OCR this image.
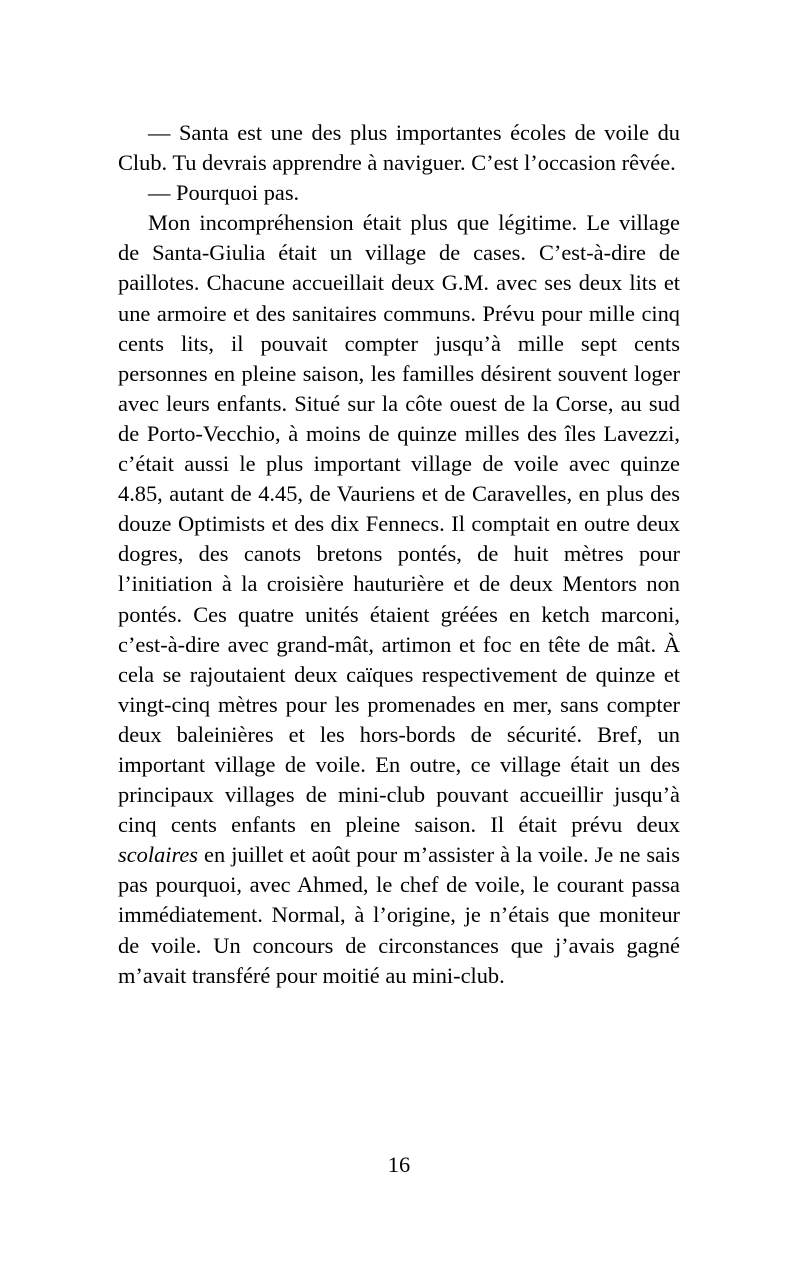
— Santa est une des plus importantes écoles de voile du Club. Tu devrais apprendre à naviguer. C’est l’occasion rêvée.

— Pourquoi pas.

Mon incompréhension était plus que légitime. Le village de Santa-Giulia était un village de cases. C’est-à-dire de paillotes. Chacune accueillait deux G.M. avec ses deux lits et une armoire et des sanitaires communs. Prévu pour mille cinq cents lits, il pouvait compter jusqu’à mille sept cents personnes en pleine saison, les familles désirent souvent loger avec leurs enfants. Situé sur la côte ouest de la Corse, au sud de Porto-Vecchio, à moins de quinze milles des îles Lavezzi, c’était aussi le plus important village de voile avec quinze 4.85, autant de 4.45, de Vauriens et de Caravelles, en plus des douze Optimists et des dix Fennecs. Il comptait en outre deux dogres, des canots bretons pontés, de huit mètres pour l’initiation à la croisière hauturière et de deux Mentors non pontés. Ces quatre unités étaient gréées en ketch marconi, c’est-à-dire avec grand-mât, artimon et foc en tête de mât. À cela se rajoutaient deux caïques respectivement de quinze et vingt-cinq mètres pour les promenades en mer, sans compter deux baleinières et les hors-bords de sécurité. Bref, un important village de voile. En outre, ce village était un des principaux villages de mini-club pouvant accueillir jusqu’à cinq cents enfants en pleine saison. Il était prévu deux scolaires en juillet et août pour m’assister à la voile. Je ne sais pas pourquoi, avec Ahmed, le chef de voile, le courant passa immédiatement. Normal, à l’origine, je n’étais que moniteur de voile. Un concours de circonstances que j’avais gagné m’avait transféré pour moitié au mini-club.

16
